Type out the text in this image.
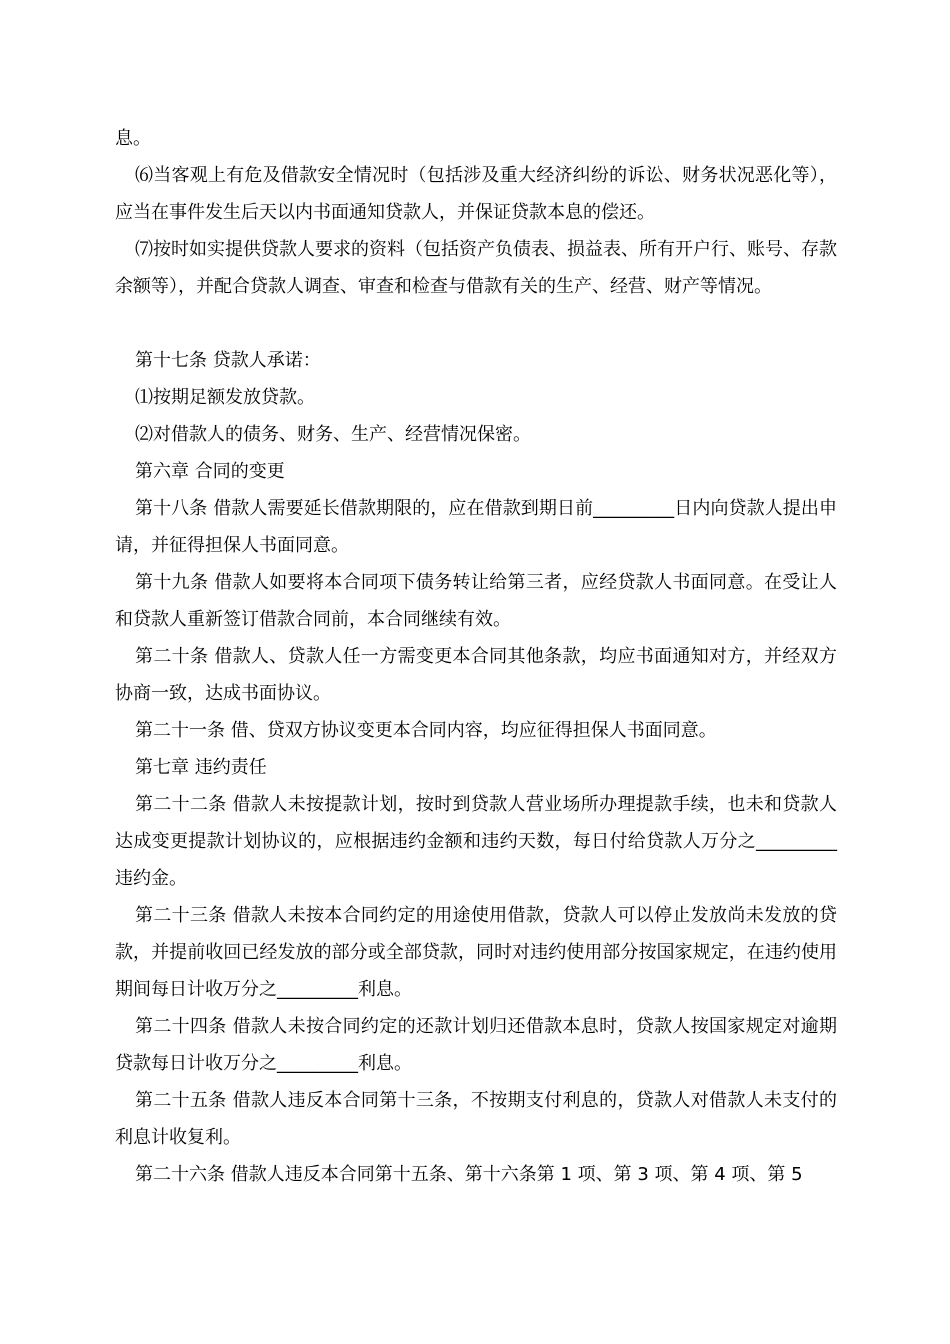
息。

⑹当客观上有危及借款安全情况时（包括涉及重大经济纠纷的诉讼、财务状况恶化等），应当在事件发生后天以内书面通知贷款人，并保证贷款本息的偿还。

⑺按时如实提供贷款人要求的资料（包括资产负债表、损益表、所有开户行、账号、存款余额等），并配合贷款人调查、审查和检查与借款有关的生产、经营、财产等情况。

第十七条 贷款人承诺：

⑴按期足额发放贷款。

⑵对借款人的债务、财务、生产、经营情况保密。

第六章 合同的变更

第十八条 借款人需要延长借款期限的，应在借款到期日前_________日内向贷款人提出申请，并征得担保人书面同意。

第十九条 借款人如要将本合同项下债务转让给第三者，应经贷款人书面同意。在受让人和贷款人重新签订借款合同前，本合同继续有效。

第二十条 借款人、贷款人任一方需变更本合同其他条款，均应书面通知对方，并经双方协商一致，达成书面协议。

第二十一条 借、贷双方协议变更本合同内容，均应征得担保人书面同意。

第七章 违约责任

第二十二条 借款人未按提款计划，按时到贷款人营业场所办理提款手续，也未和贷款人达成变更提款计划协议的，应根据违约金额和违约天数，每日付给贷款人万分之_________违约金。

第二十三条 借款人未按本合同约定的用途使用借款，贷款人可以停止发放尚未发放的贷款，并提前收回已经发放的部分或全部贷款，同时对违约使用部分按国家规定，在违约使用期间每日计收万分之_________利息。

第二十四条 借款人未按合同约定的还款计划归还借款本息时，贷款人按国家规定对逾期贷款每日计收万分之_________利息。

第二十五条 借款人违反本合同第十三条，不按期支付利息的，贷款人对借款人未支付的利息计收复利。

第二十六条 借款人违反本合同第十五条、第十六条第 1 项、第 3 项、第 4 项、第 5
